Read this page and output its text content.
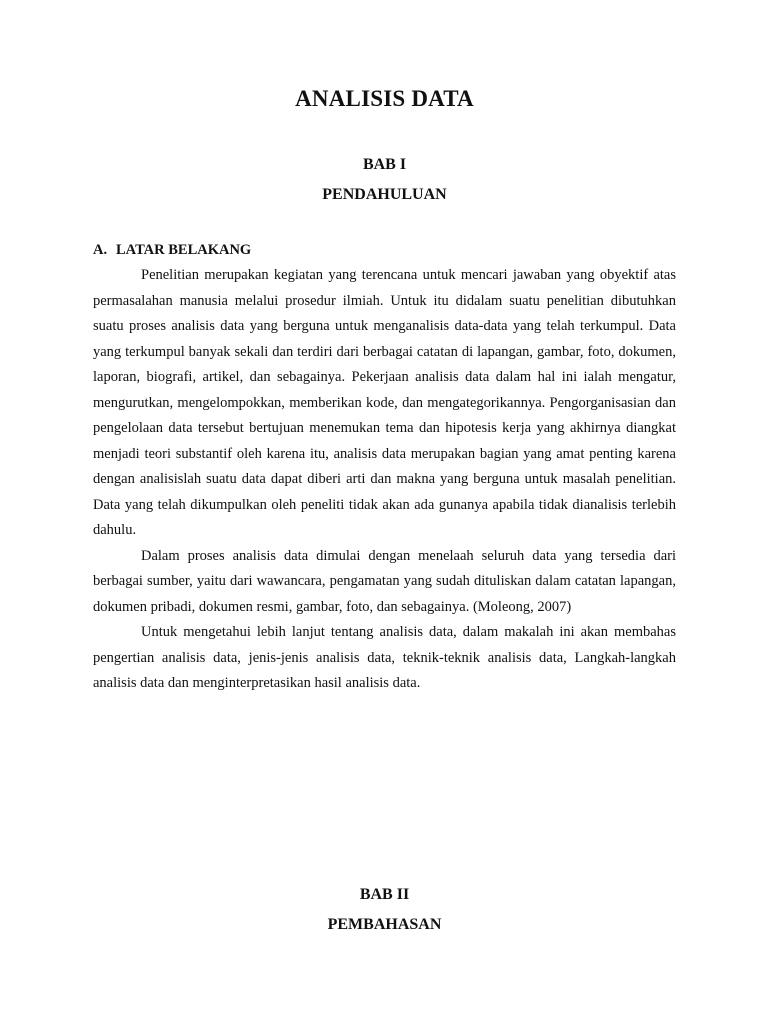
ANALISIS DATA
BAB I
PENDAHULUAN
A. LATAR BELAKANG

Penelitian merupakan kegiatan yang terencana untuk mencari jawaban yang obyektif atas permasalahan manusia melalui prosedur ilmiah. Untuk itu didalam suatu penelitian dibutuhkan suatu proses analisis data yang berguna untuk menganalisis data-data yang telah terkumpul. Data yang terkumpul banyak sekali dan terdiri dari berbagai catatan di lapangan, gambar, foto, dokumen, laporan, biografi, artikel, dan sebagainya. Pekerjaan analisis data dalam hal ini ialah mengatur, mengurutkan, mengelompokkan, memberikan kode, dan mengategorikannya. Pengorganisasian dan pengelolaan data tersebut bertujuan menemukan tema dan hipotesis kerja yang akhirnya diangkat menjadi teori substantif oleh karena itu, analisis data merupakan bagian yang amat penting karena dengan analisislah suatu data dapat diberi arti dan makna yang berguna untuk masalah penelitian. Data yang telah dikumpulkan oleh peneliti tidak akan ada gunanya apabila tidak dianalisis terlebih dahulu.

Dalam proses analisis data dimulai dengan menelaah seluruh data yang tersedia dari berbagai sumber, yaitu dari wawancara, pengamatan yang sudah dituliskan dalam catatan lapangan, dokumen pribadi, dokumen resmi, gambar, foto, dan sebagainya. (Moleong, 2007)

Untuk mengetahui lebih lanjut tentang analisis data, dalam makalah ini akan membahas pengertian analisis data, jenis-jenis analisis data, teknik-teknik analisis data, Langkah-langkah analisis data dan menginterpretasikan hasil analisis data.

BAB II
PEMBAHASAN
